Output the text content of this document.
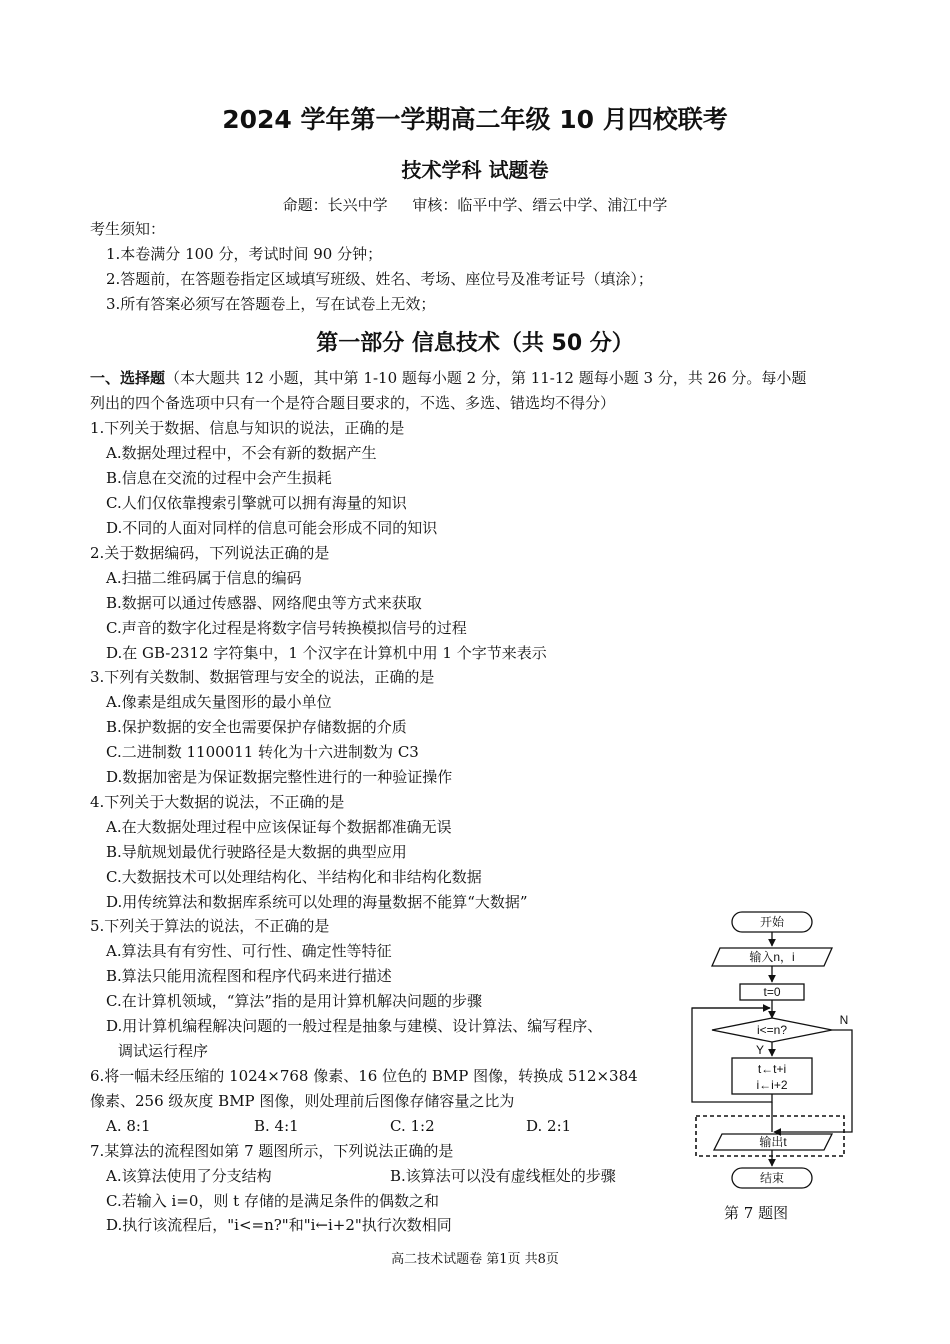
2024 学年第一学期高二年级 10 月四校联考
技术学科 试题卷
命题：长兴中学 审核：临平中学、缙云中学、浦江中学
考生须知：
1.本卷满分 100 分，考试时间 90 分钟；
2.答题前，在答题卷指定区域填写班级、姓名、考场、座位号及准考证号（填涂）；
3.所有答案必须写在答题卷上，写在试卷上无效；
第一部分 信息技术（共 50 分）
一、选择题（本大题共 12 小题，其中第 1-10 题每小题 2 分，第 11-12 题每小题 3 分，共 26 分。每小题
列出的四个备选项中只有一个是符合题目要求的，不选、多选、错选均不得分）
1.下列关于数据、信息与知识的说法，正确的是
A.数据处理过程中，不会有新的数据产生
B.信息在交流的过程中会产生损耗
C.人们仅依靠搜索引擎就可以拥有海量的知识
D.不同的人面对同样的信息可能会形成不同的知识
2.关于数据编码，下列说法正确的是
A.扫描二维码属于信息的编码
B.数据可以通过传感器、网络爬虫等方式来获取
C.声音的数字化过程是将数字信号转换模拟信号的过程
D.在 GB-2312 字符集中，1 个汉字在计算机中用 1 个字节来表示
3.下列有关数制、数据管理与安全的说法，正确的是
A.像素是组成矢量图形的最小单位
B.保护数据的安全也需要保护存储数据的介质
C.二进制数 1100011 转化为十六进制数为 C3
D.数据加密是为保证数据完整性进行的一种验证操作
4.下列关于大数据的说法，不正确的是
A.在大数据处理过程中应该保证每个数据都准确无误
B.导航规划最优行驶路径是大数据的典型应用
C.大数据技术可以处理结构化、半结构化和非结构化数据
D.用传统算法和数据库系统可以处理的海量数据不能算“大数据”
5.下列关于算法的说法，不正确的是
A.算法具有有穷性、可行性、确定性等特征
B.算法只能用流程图和程序代码来进行描述
C.在计算机领域，“算法”指的是用计算机解决问题的步骤
D.用计算机编程解决问题的一般过程是抽象与建模、设计算法、编写程序、
调试运行程序
6.将一幅未经压缩的 1024×768 像素、16 位色的 BMP 图像，转换成 512×384
像素、256 级灰度 BMP 图像，则处理前后图像存储容量之比为
A. 8:1	B. 4:1	C. 1:2	D. 2:1
7.某算法的流程图如第 7 题图所示，下列说法正确的是
A.该算法使用了分支结构	B.该算法可以没有虚线框处的步骤
C.若输入 i=0，则 t 存储的是满足条件的偶数之和
D.执行该流程后，"i<=n?"和"i←i+2"执行次数相同
开始
输入n，i
t=0
i<=n?
Y
N
t←t+i
i←i+2
输出t
结束
第 7 题图
高二技术试题卷 第1页 共8页
